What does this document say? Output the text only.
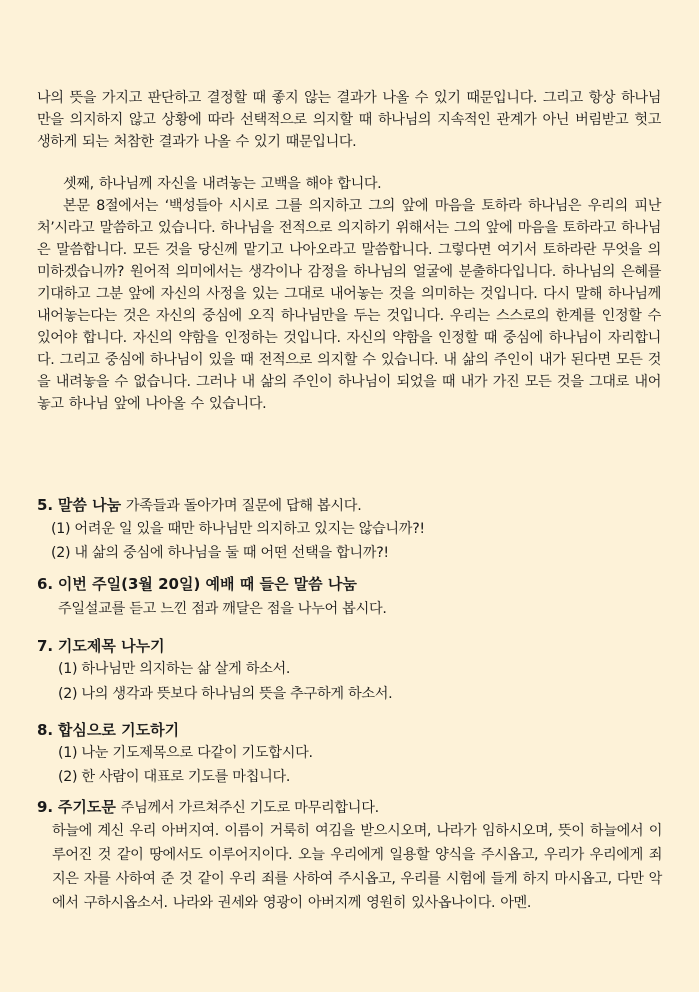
나의 뜻을 가지고 판단하고 결정할 때 좋지 않는 결과가 나올 수 있기 때문입니다. 그리고 항상 하나님만을 의지하지 않고 상황에 따라 선택적으로 의지할 때 하나님의 지속적인 관계가 아닌 버림받고 헛고생하게 되는 처참한 결과가 나올 수 있기 때문입니다.

셋째, 하나님께 자신을 내려놓는 고백을 해야 합니다.

본문 8절에서는 ‘백성들아 시시로 그를 의지하고 그의 앞에 마음을 토하라 하나님은 우리의 피난처’시라고 말씀하고 있습니다. 하나님을 전적으로 의지하기 위해서는 그의 앞에 마음을 토하라고 하나님은 말씀합니다. 모든 것을 당신께 맡기고 나아오라고 말씀합니다. 그렇다면 여기서 토하라란 무엇을 의미하겠습니까? 원어적 의미에서는 생각이나 감정을 하나님의 얼굴에 분출하다입니다. 하나님의 은혜를 기대하고 그분 앞에 자신의 사정을 있는 그대로 내어놓는 것을 의미하는 것입니다. 다시 말해 하나님께 내어놓는다는 것은 자신의 중심에 오직 하나님만을 두는 것입니다. 우리는 스스로의 한계를 인정할 수 있어야 합니다. 자신의 약함을 인정하는 것입니다. 자신의 약함을 인정할 때 중심에 하나님이 자리합니다. 그리고 중심에 하나님이 있을 때 전적으로 의지할 수 있습니다. 내 삶의 주인이 내가 된다면 모든 것을 내려놓을 수 없습니다. 그러나 내 삶의 주인이 하나님이 되었을 때 내가 가진 모든 것을 그대로 내어놓고 하나님 앞에 나아올 수 있습니다.

5. 말씀 나눔 가족들과 돌아가며 질문에 답해 봅시다.

(1) 어려운 일 있을 때만 하나님만 의지하고 있지는 않습니까?!

(2) 내 삶의 중심에 하나님을 둘 때 어떤 선택을 합니까?!

6. 이번 주일(3월 20일) 예배 때 들은 말씀 나눔

주일설교를 듣고 느낀 점과 깨달은 점을 나누어 봅시다.

7. 기도제목 나누기

(1) 하나님만 의지하는 삶 살게 하소서.

(2) 나의 생각과 뜻보다 하나님의 뜻을 추구하게 하소서.

8. 합심으로 기도하기

(1) 나눈 기도제목으로 다같이 기도합시다.

(2) 한 사람이 대표로 기도를 마칩니다.

9. 주기도문 주님께서 가르쳐주신 기도로 마무리합니다.

하늘에 계신 우리 아버지여. 이름이 거룩히 여김을 받으시오며, 나라가 임하시오며, 뜻이 하늘에서 이루어진 것 같이 땅에서도 이루어지이다. 오늘 우리에게 일용할 양식을 주시옵고, 우리가 우리에게 죄 지은 자를 사하여 준 것 같이 우리 죄를 사하여 주시옵고, 우리를 시험에 들게 하지 마시옵고, 다만 악에서 구하시옵소서. 나라와 권세와 영광이 아버지께 영원히 있사옵나이다. 아멘.
